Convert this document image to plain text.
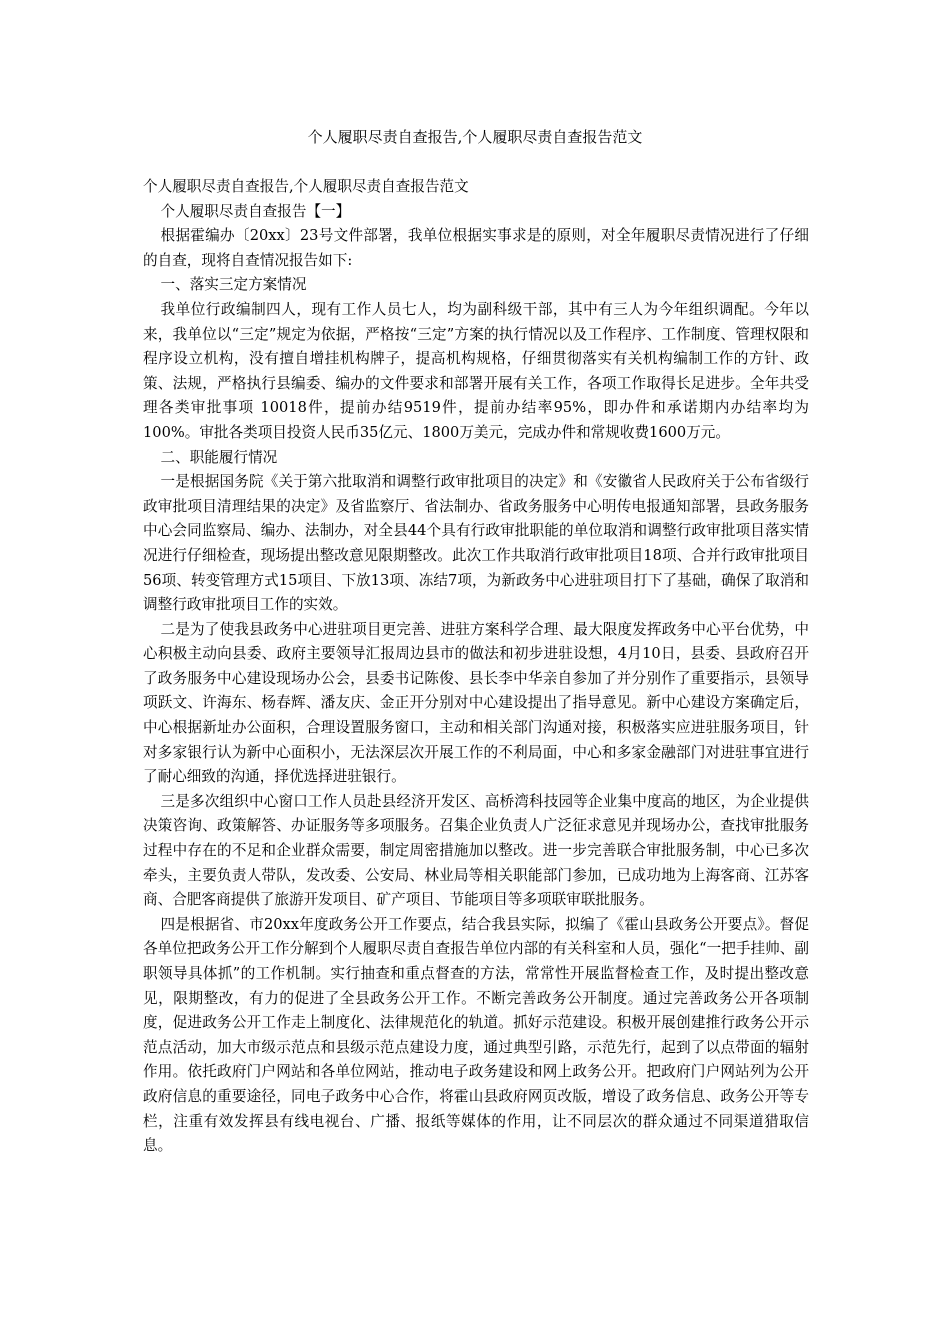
个人履职尽责自查报告,个人履职尽责自查报告范文

个人履职尽责自查报告,个人履职尽责自查报告范文

个人履职尽责自查报告【一】

根据霍编办〔20xx〕23号文件部署，我单位根据实事求是的原则，对全年履职尽责情况进行了仔细的自查，现将自查情况报告如下:

一、落实三定方案情况

我单位行政编制四人，现有工作人员七人，均为副科级干部，其中有三人为今年组织调配。今年以来，我单位以“三定”规定为依据，严格按“三定”方案的执行情况以及工作程序、工作制度、管理权限和程序设立机构，没有擅自增挂机构牌子，提高机构规格，仔细贯彻落实有关机构编制工作的方针、政策、法规，严格执行县编委、编办的文件要求和部署开展有关工作，各项工作取得长足进步。全年共受理各类审批事项 10018件，提前办结9519件，提前办结率95%，即办件和承诺期内办结率均为100%。审批各类项目投资人民币35亿元、1800万美元，完成办件和常规收费1600万元。

二、职能履行情况

一是根据国务院《关于第六批取消和调整行政审批项目的决定》和《安徽省人民政府关于公布省级行政审批项目清理结果的决定》及省监察厅、省法制办、省政务服务中心明传电报通知部署，县政务服务中心会同监察局、编办、法制办，对全县44个具有行政审批职能的单位取消和调整行政审批项目落实情况进行仔细检查，现场提出整改意见限期整改。此次工作共取消行政审批项目18项、合并行政审批项目56项、转变管理方式15项目、下放13项、冻结7项，为新政务中心进驻项目打下了基础，确保了取消和调整行政审批项目工作的实效。

二是为了使我县政务中心进驻项目更完善、进驻方案科学合理、最大限度发挥政务中心平台优势，中心积极主动向县委、政府主要领导汇报周边县市的做法和初步进驻设想，4月10日，县委、县政府召开了政务服务中心建设现场办公会，县委书记陈俊、县长李中华亲自参加了并分别作了重要指示，县领导项跃文、许海东、杨春辉、潘友庆、金正开分别对中心建设提出了指导意见。新中心建设方案确定后，中心根据新址办公面积，合理设置服务窗口，主动和相关部门沟通对接，积极落实应进驻服务项目，针对多家银行认为新中心面积小，无法深层次开展工作的不利局面，中心和多家金融部门对进驻事宜进行了耐心细致的沟通，择优选择进驻银行。

三是多次组织中心窗口工作人员赴县经济开发区、高桥湾科技园等企业集中度高的地区，为企业提供决策咨询、政策解答、办证服务等多项服务。召集企业负责人广泛征求意见并现场办公，查找审批服务过程中存在的不足和企业群众需要，制定周密措施加以整改。进一步完善联合审批服务制，中心已多次牵头，主要负责人带队，发改委、公安局、林业局等相关职能部门参加，已成功地为上海客商、江苏客商、合肥客商提供了旅游开发项目、矿产项目、节能项目等多项联审联批服务。

四是根据省、市20xx年度政务公开工作要点，结合我县实际，拟编了《霍山县政务公开要点》。督促各单位把政务公开工作分解到个人履职尽责自查报告单位内部的有关科室和人员，强化“一把手挂帅、副职领导具体抓”的工作机制。实行抽查和重点督查的方法，常常性开展监督检查工作，及时提出整改意见，限期整改，有力的促进了全县政务公开工作。不断完善政务公开制度。通过完善政务公开各项制度，促进政务公开工作走上制度化、法律规范化的轨道。抓好示范建设。积极开展创建推行政务公开示范点活动，加大市级示范点和县级示范点建设力度，通过典型引路，示范先行，起到了以点带面的辐射作用。依托政府门户网站和各单位网站，推动电子政务建设和网上政务公开。把政府门户网站列为公开政府信息的重要途径，同电子政务中心合作，将霍山县政府网页改版，增设了政务信息、政务公开等专栏，注重有效发挥县有线电视台、广播、报纸等媒体的作用，让不同层次的群众通过不同渠道猎取信息。
